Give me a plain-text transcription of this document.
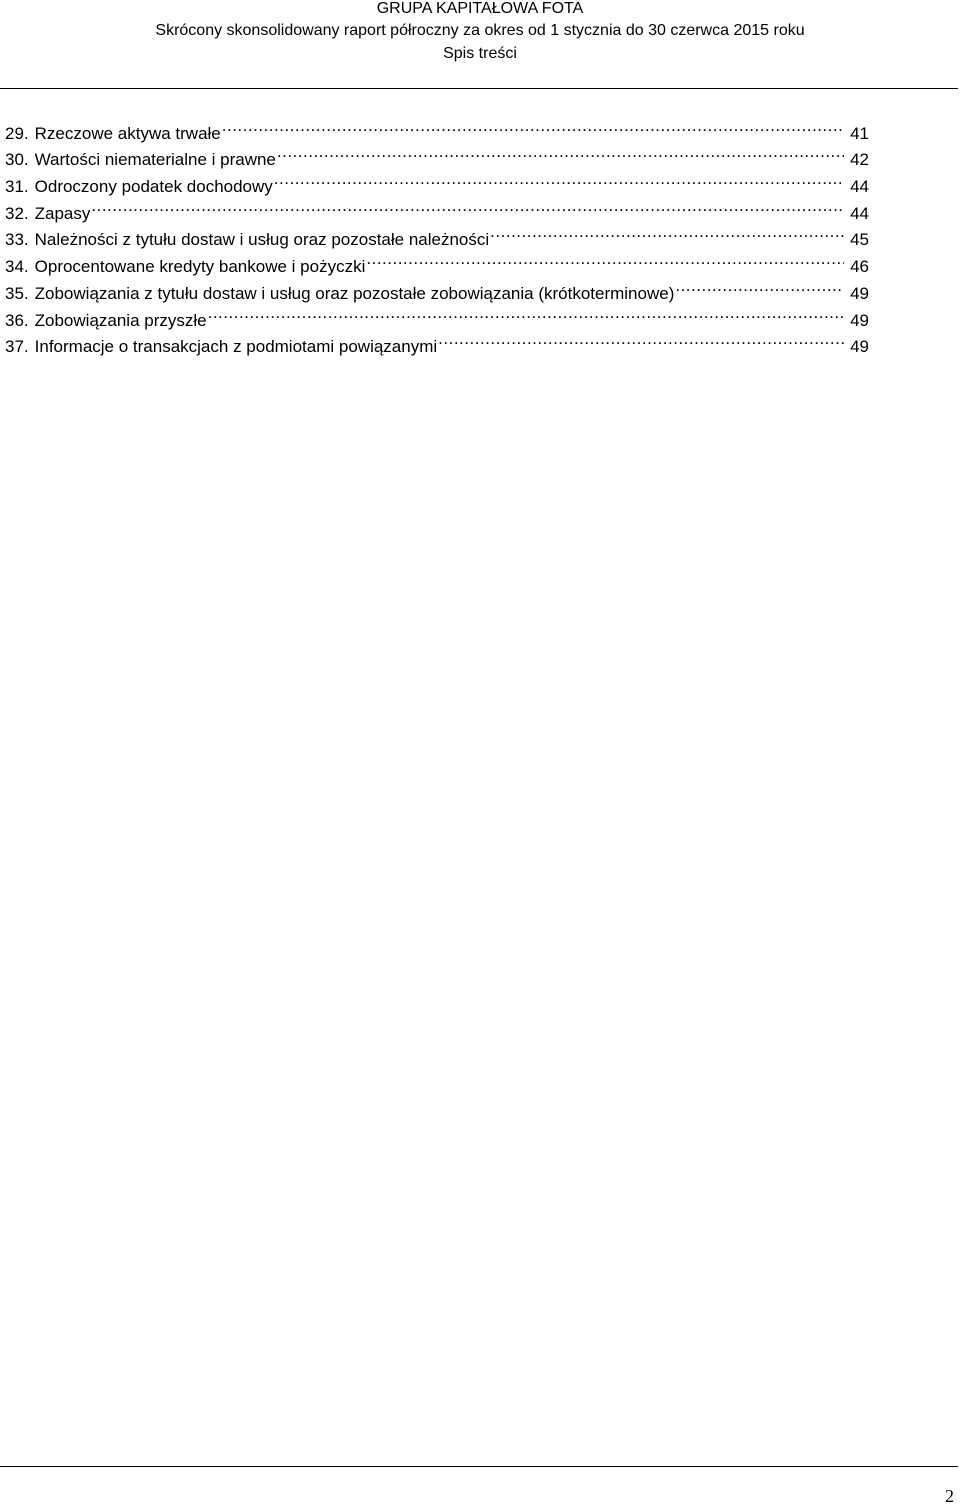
GRUPA KAPITAŁOWA FOTA
Skrócony skonsolidowany raport półroczny za okres od 1 stycznia do 30 czerwca 2015 roku
Spis treści
29. Rzeczowe aktywa trwałe .....	41
30. Wartości niematerialne i prawne .....	42
31. Odroczony podatek dochodowy .....	44
32. Zapasy .....	44
33. Należności z tytułu dostaw i usług oraz pozostałe należności .....	45
34. Oprocentowane kredyty bankowe i pożyczki .....	46
35. Zobowiązania z tytułu dostaw i usług oraz pozostałe zobowiązania (krótkoterminowe) .....	49
36. Zobowiązania przyszłe .....	49
37. Informacje o transakcjach z podmiotami powiązanymi .....	49
2
